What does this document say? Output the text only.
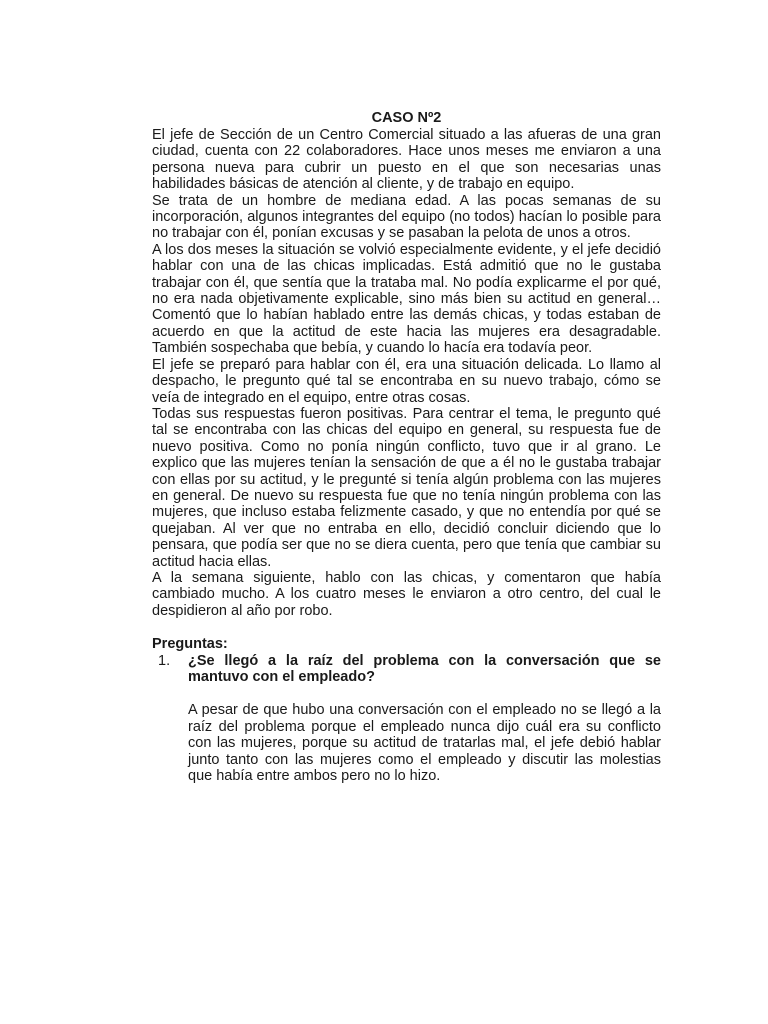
CASO Nº2

El jefe de Sección de un Centro Comercial situado a las afueras de una gran ciudad, cuenta con 22 colaboradores. Hace unos meses me enviaron a una persona nueva para cubrir un puesto en el que son necesarias unas habilidades básicas de atención al cliente, y de trabajo en equipo.

Se trata de un hombre de mediana edad. A las pocas semanas de su incorporación, algunos integrantes del equipo (no todos) hacían lo posible para no trabajar con él, ponían excusas y se pasaban la pelota de unos a otros.

A los dos meses la situación se volvió especialmente evidente, y el jefe decidió hablar con una de las chicas implicadas. Está admitió que no le gustaba trabajar con él, que sentía que la trataba mal. No podía explicarme el por qué, no era nada objetivamente explicable, sino más bien su actitud en general… Comentó que lo habían hablado entre las demás chicas, y todas estaban de acuerdo en que la actitud de este hacia las mujeres era desagradable. También sospechaba que bebía, y cuando lo hacía era todavía peor.

El jefe se preparó para hablar con él, era una situación delicada. Lo llamo al despacho, le pregunto qué tal se encontraba en su nuevo trabajo, cómo se veía de integrado en el equipo, entre otras cosas.

Todas sus respuestas fueron positivas. Para centrar el tema, le pregunto qué tal se encontraba con las chicas del equipo en general, su respuesta fue de nuevo positiva. Como no ponía ningún conflicto, tuvo que ir al grano. Le explico que las mujeres tenían la sensación de que a él no le gustaba trabajar con ellas por su actitud, y le pregunté si tenía algún problema con las mujeres en general. De nuevo su respuesta fue que no tenía ningún problema con las mujeres, que incluso estaba felizmente casado, y que no entendía por qué se quejaban. Al ver que no entraba en ello, decidió concluir diciendo que lo pensara, que podía ser que no se diera cuenta, pero que tenía que cambiar su actitud hacia ellas.

A la semana siguiente, hablo con las chicas, y comentaron que había cambiado mucho. A los cuatro meses le enviaron a otro centro, del cual le despidieron al año por robo.

Preguntas:

1.	¿Se llegó a la raíz del problema con la conversación que se mantuvo con el empleado?

A pesar de que hubo una conversación con el empleado no se llegó a la raíz del problema porque el empleado nunca dijo cuál era su conflicto con las mujeres, porque su actitud de tratarlas mal, el jefe debió hablar junto tanto con las mujeres como el empleado y discutir las molestias que había entre ambos pero no lo hizo.
